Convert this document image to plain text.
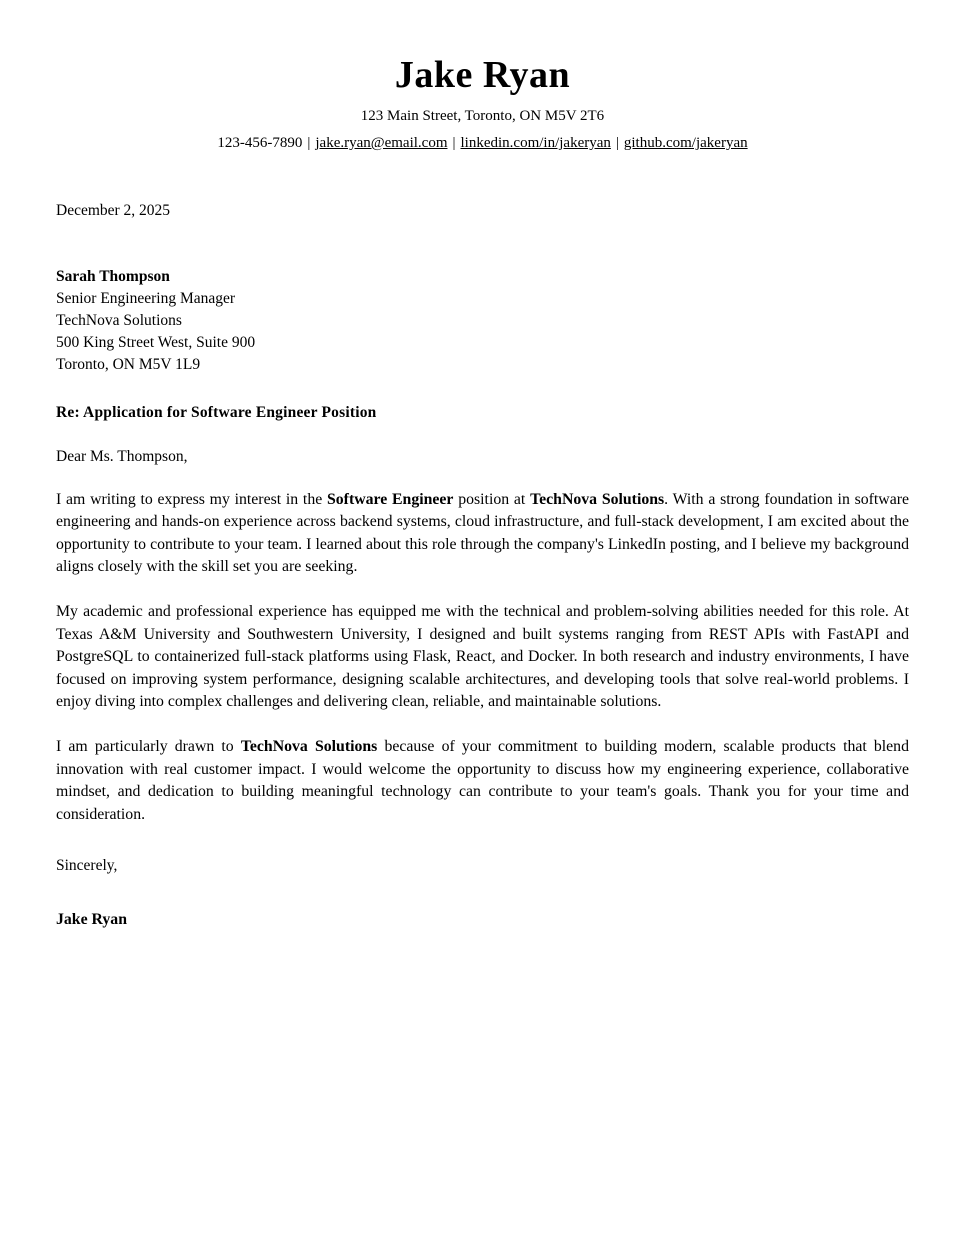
Jake Ryan
123 Main Street, Toronto, ON M5V 2T6
123-456-7890 | jake.ryan@email.com | linkedin.com/in/jakeryan | github.com/jakeryan
December 2, 2025
Sarah Thompson
Senior Engineering Manager
TechNova Solutions
500 King Street West, Suite 900
Toronto, ON M5V 1L9
Re: Application for Software Engineer Position
Dear Ms. Thompson,

I am writing to express my interest in the Software Engineer position at TechNova Solutions. With a strong foundation in software engineering and hands-on experience across backend systems, cloud infrastructure, and full-stack development, I am excited about the opportunity to contribute to your team. I learned about this role through the company's LinkedIn posting, and I believe my background aligns closely with the skill set you are seeking.

My academic and professional experience has equipped me with the technical and problem-solving abilities needed for this role. At Texas A&M University and Southwestern University, I designed and built systems ranging from REST APIs with FastAPI and PostgreSQL to containerized full-stack platforms using Flask, React, and Docker. In both research and industry environments, I have focused on improving system performance, designing scalable architectures, and developing tools that solve real-world problems. I enjoy diving into complex challenges and delivering clean, reliable, and maintainable solutions.

I am particularly drawn to TechNova Solutions because of your commitment to building modern, scalable products that blend innovation with real customer impact. I would welcome the opportunity to discuss how my engineering experience, collaborative mindset, and dedication to building meaningful technology can contribute to your team's goals. Thank you for your time and consideration.

Sincerely,
Jake Ryan
